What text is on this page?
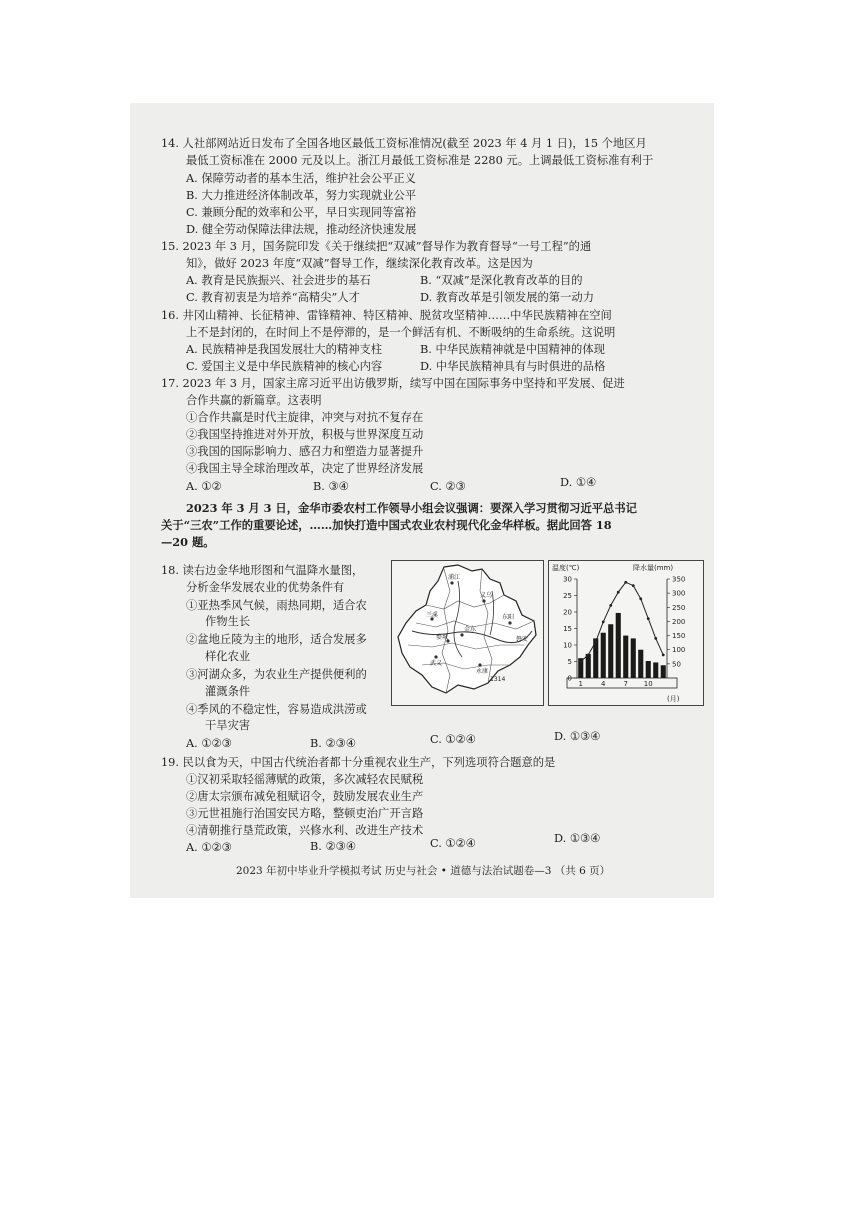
14. 人社部网站近日发布了全国各地区最低工资标准情况(截至 2023 年 4 月 1 日)，15 个地区月
最低工资标准在 2000 元及以上。浙江月最低工资标准是 2280 元。上调最低工资标准有利于
A. 保障劳动者的基本生活，维护社会公平正义
B. 大力推进经济体制改革，努力实现就业公平
C. 兼顾分配的效率和公平，早日实现同等富裕
D. 健全劳动保障法律法规，推动经济快速发展
15. 2023 年 3 月，国务院印发《关于继续把“双减”督导作为教育督导“一号工程”的通
知》，做好 2023 年度“双减”督导工作，继续深化教育改革。这是因为
A. 教育是民族振兴、社会进步的基石	B. “双减”是深化教育改革的目的
C. 教育初衷是为培养“高精尖”人才	D. 教育改革是引领发展的第一动力
16. 井冈山精神、长征精神、雷锋精神、特区精神、脱贫攻坚精神……中华民族精神在空间
上不是封闭的，在时间上不是停滞的，是一个鲜活有机、不断吸纳的生命系统。这说明
A. 民族精神是我国发展壮大的精神支柱	B. 中华民族精神就是中国精神的体现
C. 爱国主义是中华民族精神的核心内容	D. 中华民族精神具有与时俱进的品格
17. 2023 年 3 月，国家主席习近平出访俄罗斯，续写中国在国际事务中坚持和平发展、促进
合作共赢的新篇章。这表明
①合作共赢是时代主旋律，冲突与对抗不复存在
②我国坚持推进对外开放，积极与世界深度互动
③我国的国际影响力、感召力和塑造力显著提升
④我国主导全球治理改革，决定了世界经济发展
A. ①②	B. ③④	C. ②③	D. ①④
2023 年 3 月 3 日，金华市委农村工作领导小组会议强调：要深入学习贯彻习近平总书记
关于“三农”工作的重要论述，……加快打造中国式农业农村现代化金华样板。据此回答 18
—20 题。
18. 读右边金华地形图和气温降水量图，
分析金华发展农业的优势条件有
①亚热季风气候，雨热同期，适合农
作物生长
②盆地丘陵为主的地形，适合发展多
样化农业
③河湖众多，为农业生产提供便利的
灌溉条件
④季风的不稳定性，容易造成洪涝或
干旱灾害
A. ①②③	B. ②③④	C. ①②④	D. ①③④
兰溪
浦江
义乌
东阳
磐安
武义
永康
金东
婺城
1314
温度(℃)	降水量(mm)
30
25
20
15
10
5
0
350
300
250
200
150
100
50
1	4	7 10
(月)
19. 民以食为天，中国古代统治者都十分重视农业生产，下列选项符合题意的是
①汉初采取轻徭薄赋的政策，多次减轻农民赋税
②唐太宗颁布减免租赋诏令，鼓励发展农业生产
③元世祖施行治国安民方略，整顿吏治广开言路
④清朝推行垦荒政策，兴修水利、改进生产技术
A. ①②③	B. ②③④	C. ①②④	D. ①③④
2023 年初中毕业升学模拟考试 历史与社会 • 道德与法治试题卷—3 （共 6 页）
